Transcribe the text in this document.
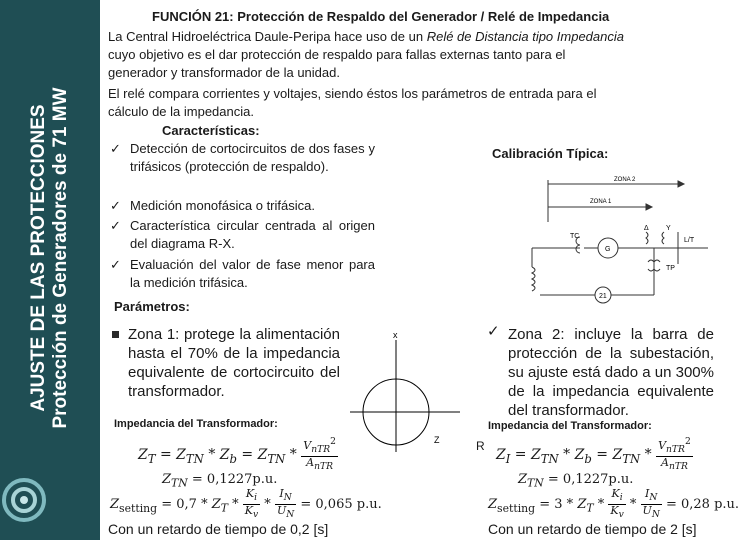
AJUSTE DE LAS PROTECCIONES Protección de Generadores de 71 MW
FUNCIÓN 21: Protección de Respaldo del Generador / Relé de Impedancia
La Central Hidroeléctrica Daule-Peripa hace uso de un Relé de Distancia tipo Impedancia
cuyo objetivo es el dar protección de respaldo para fallas externas tanto para el
generador y transformador de la unidad.
El relé compara corrientes y voltajes, siendo éstos los parámetros de entrada para el
cálculo de la impedancia.
Características:
✓ Detección de cortocircuitos de dos fases y trifásicos (protección de respaldo).
✓ Medición monofásica o trifásica.
✓ Característica circular centrada al origen del diagrama R-X.
✓ Evaluación del valor de fase menor para la medición trifásica.
Calibración Típica:
ZONA 2
ZONA 1
TC
G
Δ Y
L/T
TP
21
Parámetros:
Zona 1: protege la alimentación hasta el 70% de la impedancia equivalente de cortocircuito del transformador.
x
Z	R
✓ Zona 2: incluye la barra de protección de la subestación, su ajuste está dado a un 300% de la impedancia equivalente del transformador.
Impedancia del Transformador:
$Z_T = Z_{TN} * Z_b = Z_{TN} * \frac{V_{nTR}^2}{A_{nTR}}$
$Z_{TN} = 0,1227p.u$.
$Z_{setting} = 0,7 * Z_T * \frac{K_i}{K_v} * \frac{I_N}{U_N} = 0,065$ p.u.
Con un retardo de tiempo de 0,2 [s]
Impedancia del Transformador:
$Z_I = Z_{TN} * Z_b = Z_{TN} * \frac{V_{nTR}^2}{A_{nTR}}$
$Z_{TN} = 0,1227p.u$.
$Z_{setting} = 3 * Z_T * \frac{K_i}{K_v} * \frac{I_N}{U_N} = 0,28$ p.u.
Con un retardo de tiempo de 2 [s]
